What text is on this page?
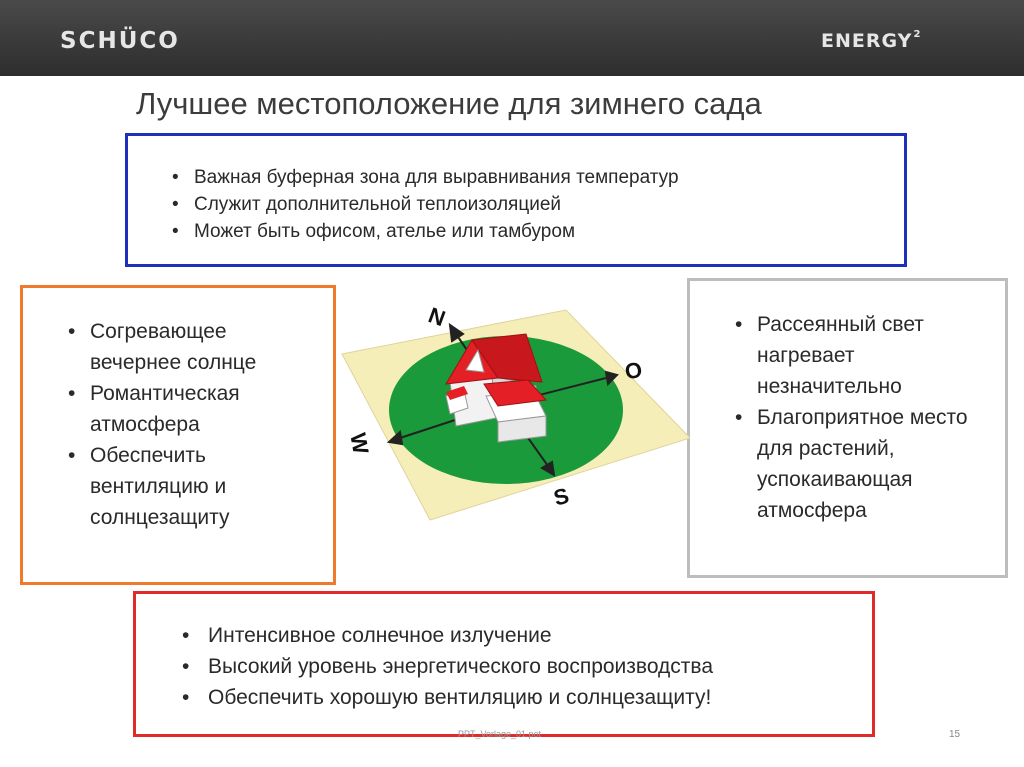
SCHÜCO	ENERGY$^2$
Лучшее местоположение для зимнего сада
• Важная буферная зона для выравнивания температур
• Служит дополнительной теплоизоляцией
• Может быть офисом, ателье или тамбуром
• Согревающее вечернее солнце
• Романтическая атмосфера
• Обеспечить вентиляцию и солнцезащиту
• Рассеянный свет нагревает незначительно
• Благоприятное место для растений, успокаивающая атмосфера
N
O
S
W
• Интенсивное солнечное излучение
• Высокий уровень энергетического воспроизводства
• Обеспечить хорошую вентиляцию и солнцезащиту!
PPT_Vorlage_01.pot	15
